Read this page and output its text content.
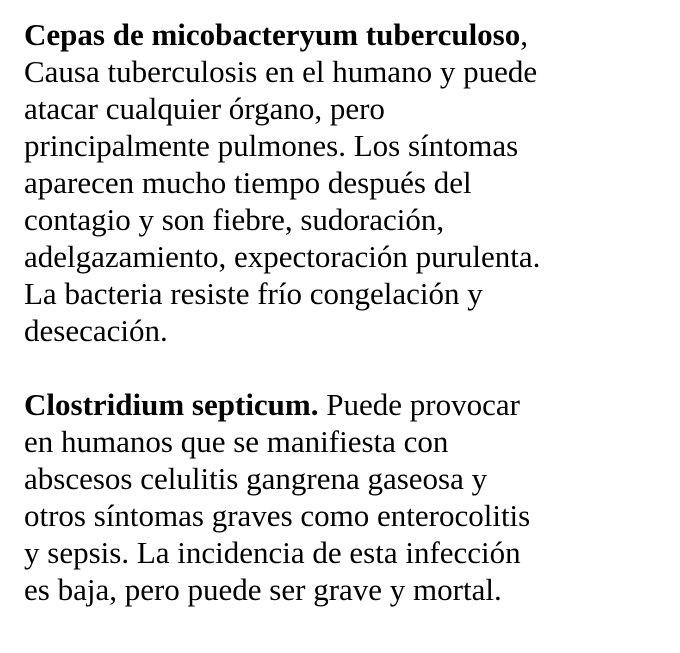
Cepas de micobacteryum tuberculoso,
Causa tuberculosis en el humano y puede
atacar cualquier órgano, pero
principalmente pulmones. Los síntomas
aparecen mucho tiempo después del
contagio y son fiebre, sudoración,
adelgazamiento, expectoración purulenta.
La bacteria resiste frío congelación y
desecación.

Clostridium septicum. Puede provocar
en humanos que se manifiesta con
abscesos celulitis gangrena gaseosa y
otros síntomas graves como enterocolitis
y sepsis. La incidencia de esta infección
es baja, pero puede ser grave y mortal.
